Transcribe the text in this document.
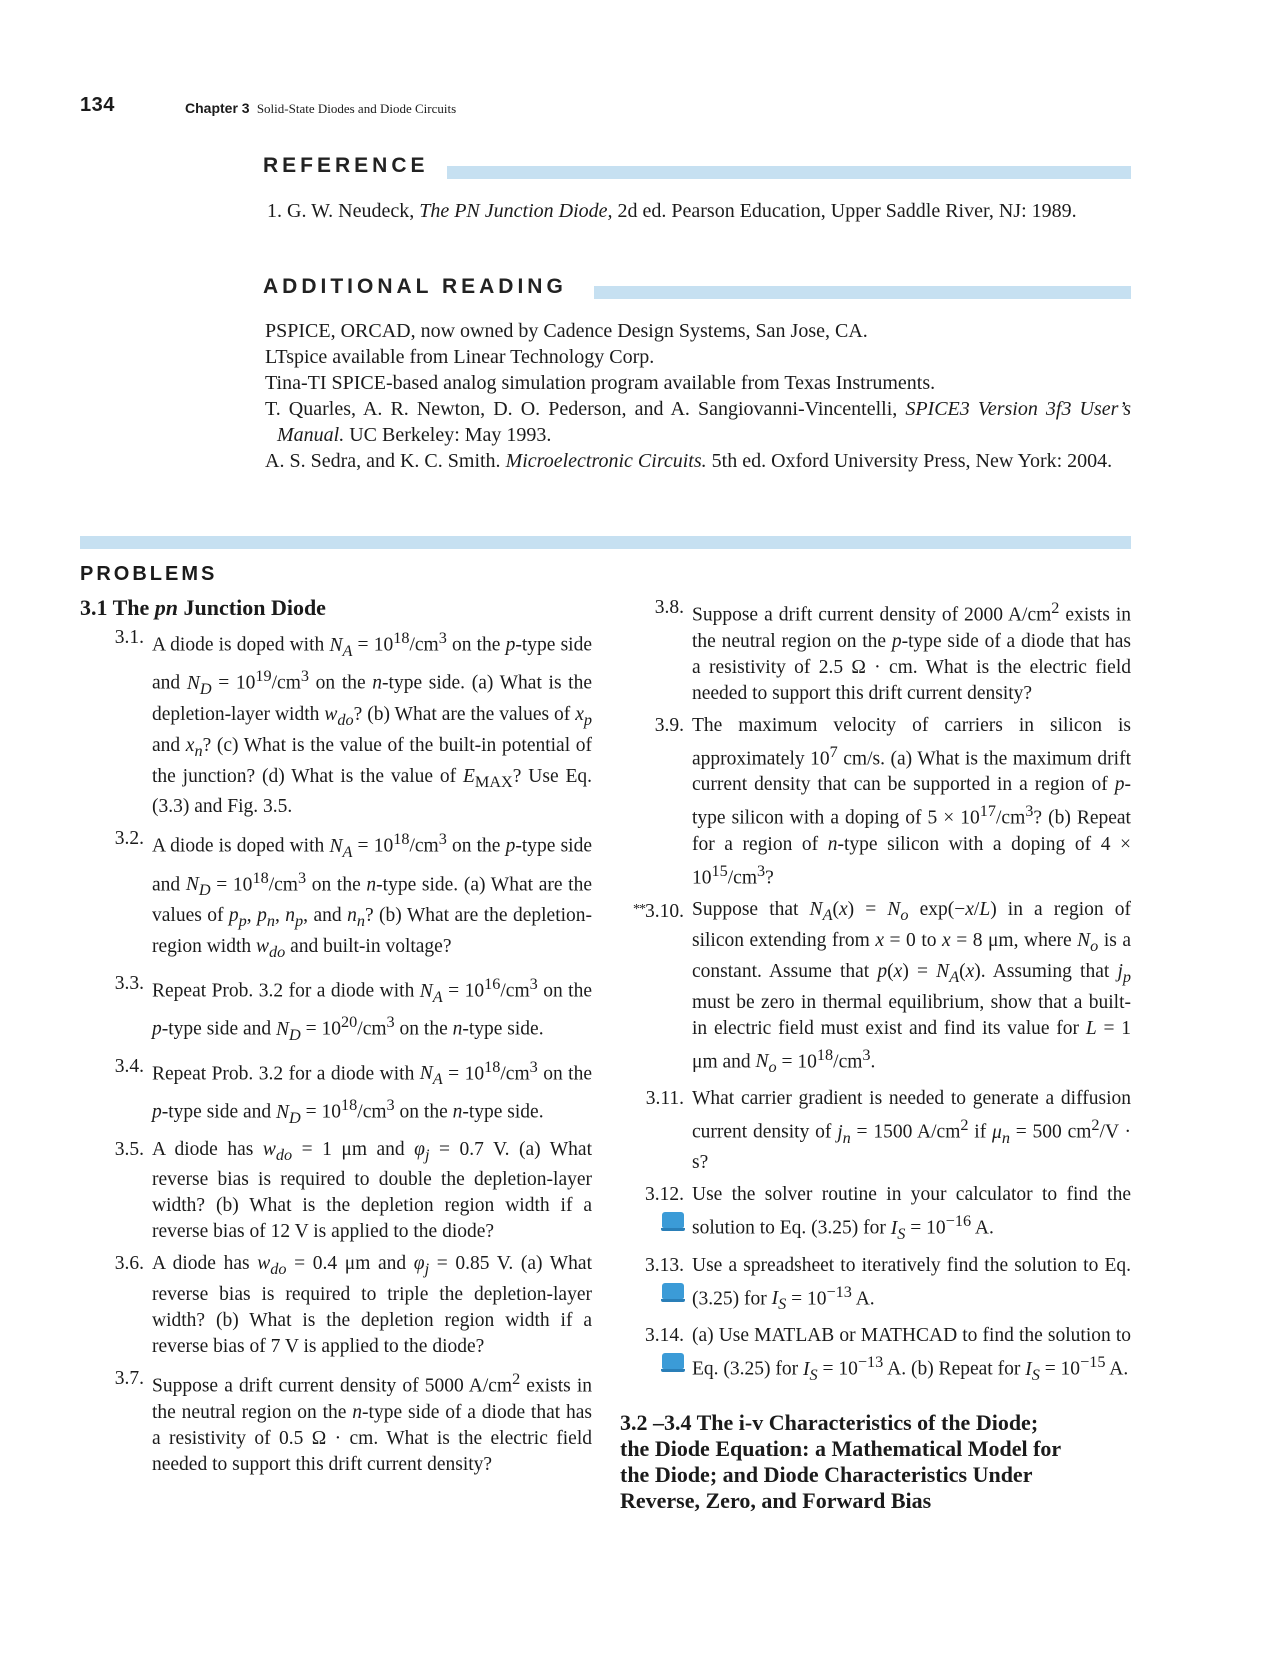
134	Chapter 3 Solid-State Diodes and Diode Circuits
REFERENCE
1. G. W. Neudeck, The PN Junction Diode, 2d ed. Pearson Education, Upper Saddle River, NJ: 1989.
ADDITIONAL READING
PSPICE, ORCAD, now owned by Cadence Design Systems, San Jose, CA.
LTspice available from Linear Technology Corp.
Tina-TI SPICE-based analog simulation program available from Texas Instruments.
T. Quarles, A. R. Newton, D. O. Pederson, and A. Sangiovanni-Vincentelli, SPICE3 Version 3f3 User’s Manual. UC Berkeley: May 1993.
A. S. Sedra, and K. C. Smith. Microelectronic Circuits. 5th ed. Oxford University Press, New York: 2004.
PROBLEMS
3.1 The pn Junction Diode
3.1. A diode is doped with $N_A = 10^{18}/cm^3$ on the p-type side and $N_D = 10^{19}/cm^3$ on the n-type side. (a) What is the depletion-layer width $w_{do}$? (b) What are the values of $x_p$ and $x_n$? (c) What is the value of the built-in potential of the junction? (d) What is the value of $E_{MAX}$? Use Eq. (3.3) and Fig. 3.5.
3.2. A diode is doped with $N_A = 10^{18}/cm^3$ on the p-type side and $N_D = 10^{18}/cm^3$ on the n-type side. (a) What are the values of $p_p$, $p_n$, $n_p$, and $n_n$? (b) What are the depletion-region width $w_{do}$ and built-in voltage?
3.3. Repeat Prob. 3.2 for a diode with $N_A = 10^{16}/cm^3$ on the p-type side and $N_D = 10^{20}/cm^3$ on the n-type side.
3.4. Repeat Prob. 3.2 for a diode with $N_A = 10^{18}/cm^3$ on the p-type side and $N_D = 10^{18}/cm^3$ on the n-type side.
3.5. A diode has $w_{do} = 1$ μm and $\varphi_j = 0.7$ V. (a) What reverse bias is required to double the depletion-layer width? (b) What is the depletion region width if a reverse bias of 12 V is applied to the diode?
3.6. A diode has $w_{do} = 0.4$ μm and $\varphi_j = 0.85$ V. (a) What reverse bias is required to triple the depletion-layer width? (b) What is the depletion region width if a reverse bias of 7 V is applied to the diode?
3.7. Suppose a drift current density of 5000 $A/cm^2$ exists in the neutral region on the n-type side of a diode that has a resistivity of 0.5 Ω · cm. What is the electric field needed to support this drift current density?
3.8. Suppose a drift current density of 2000 $A/cm^2$ exists in the neutral region on the p-type side of a diode that has a resistivity of 2.5 Ω · cm. What is the electric field needed to support this drift current density?
3.9. The maximum velocity of carriers in silicon is approximately $10^7$ cm/s. (a) What is the maximum drift current density that can be supported in a region of p-type silicon with a doping of $5 \times 10^{17}/cm^3$? (b) Repeat for a region of n-type silicon with a doping of $4 \times 10^{15}/cm^3$?
**3.10. Suppose that $N_A(x) = N_o$ exp(−x/L) in a region of silicon extending from x = 0 to x = 8 μm, where $N_o$ is a constant. Assume that $p(x) = N_A(x)$. Assuming that $j_p$ must be zero in thermal equilibrium, show that a built-in electric field must exist and find its value for L = 1 μm and $N_o = 10^{18}/cm^3$.
3.11. What carrier gradient is needed to generate a diffusion current density of $j_n = 1500$ $A/cm^2$ if $\mu_n = 500$ $cm^2/V \cdot s$?
3.12. Use the solver routine in your calculator to find the solution to Eq. (3.25) for $I_S = 10^{-16}$ A.
3.13. Use a spreadsheet to iteratively find the solution to Eq. (3.25) for $I_S = 10^{-13}$ A.
3.14. (a) Use MATLAB or MATHCAD to find the solution to Eq. (3.25) for $I_S = 10^{-13}$ A. (b) Repeat for $I_S = 10^{-15}$ A.
3.2 –3.4 The i-v Characteristics of the Diode;
the Diode Equation: a Mathematical Model for
the Diode; and Diode Characteristics Under
Reverse, Zero, and Forward Bias
